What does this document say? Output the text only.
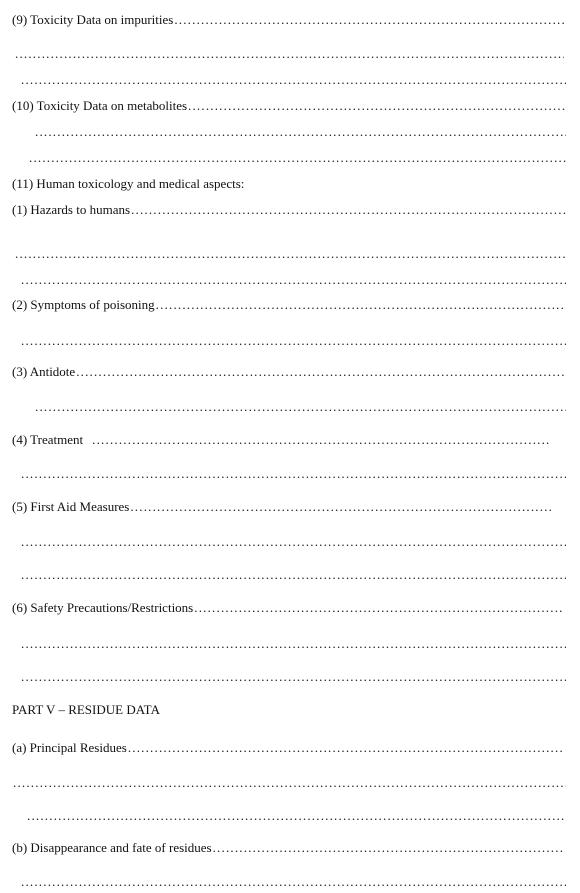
(9) Toxicity Data on impurities
.....
.....
.....
(10) Toxicity Data on metabolites
.....
.....
.....
(11) Human toxicology and medical aspects:
(1) Hazards to humans
.....
.....
.....
(2) Symptoms of poisoning
.....
.....
(3) Antidote
.....
.....
(4) Treatment
.....
.....
(5) First Aid Measures
.....
.....
.....
(6) Safety Precautions/Restrictions
.....
.....
.....
PART V – RESIDUE DATA
(a) Principal Residues
.....
.....
.....
(b) Disappearance and fate of residues
.....
.....
